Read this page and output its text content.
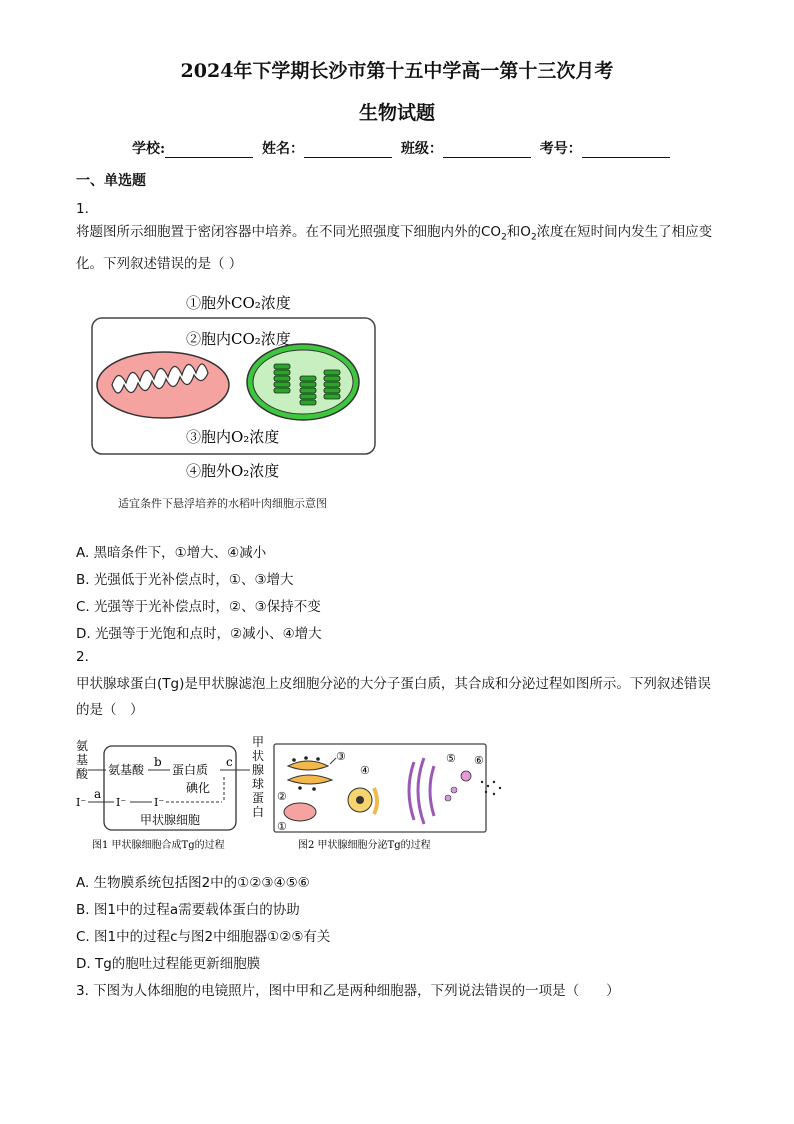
2024年下学期长沙市第十五中学高一第十三次月考
生物试题
学校:	姓名：	班级：	考号：
一、单选题
1.
将题图所示细胞置于密闭容器中培养。在不同光照强度下细胞内外的$CO_2$和$O_2$浓度在短时间内发生了相应变化。下列叙述错误的是（ ）
①胞外CO₂浓度
②胞内CO₂浓度
③胞内O₂浓度
④胞外O₂浓度
适宜条件下悬浮培养的水稻叶肉细胞示意图
A. 黑暗条件下，①增大、④减小
B. 光强低于光补偿点时，①、③增大
C. 光强等于光补偿点时，②、③保持不变
D. 光强等于光饱和点时，②减小、④增大
2.
甲状腺球蛋白(Tg)是甲状腺滤泡上皮细胞分泌的大分子蛋白质，其合成和分泌过程如图所示。下列叙述错误的是（　）
氨
基
酸 氨基酸
b
蛋白质
碘化
c
I⁻
a
I⁻	I⁻
甲状腺细胞
甲
状
腺
球
蛋
白
图1 甲状腺细胞合成Tg的过程
②
①
③
④
⑤ ⑥
图2 甲状腺细胞分泌Tg的过程
A. 生物膜系统包括图2中的①②③④⑤⑥
B. 图1中的过程a需要载体蛋白的协助
C. 图1中的过程c与图2中细胞器①②⑤有关
D. Tg的胞吐过程能更新细胞膜
3. 下图为人体细胞的电镜照片，图中甲和乙是两种细胞器，下列说法错误的一项是（　　）
